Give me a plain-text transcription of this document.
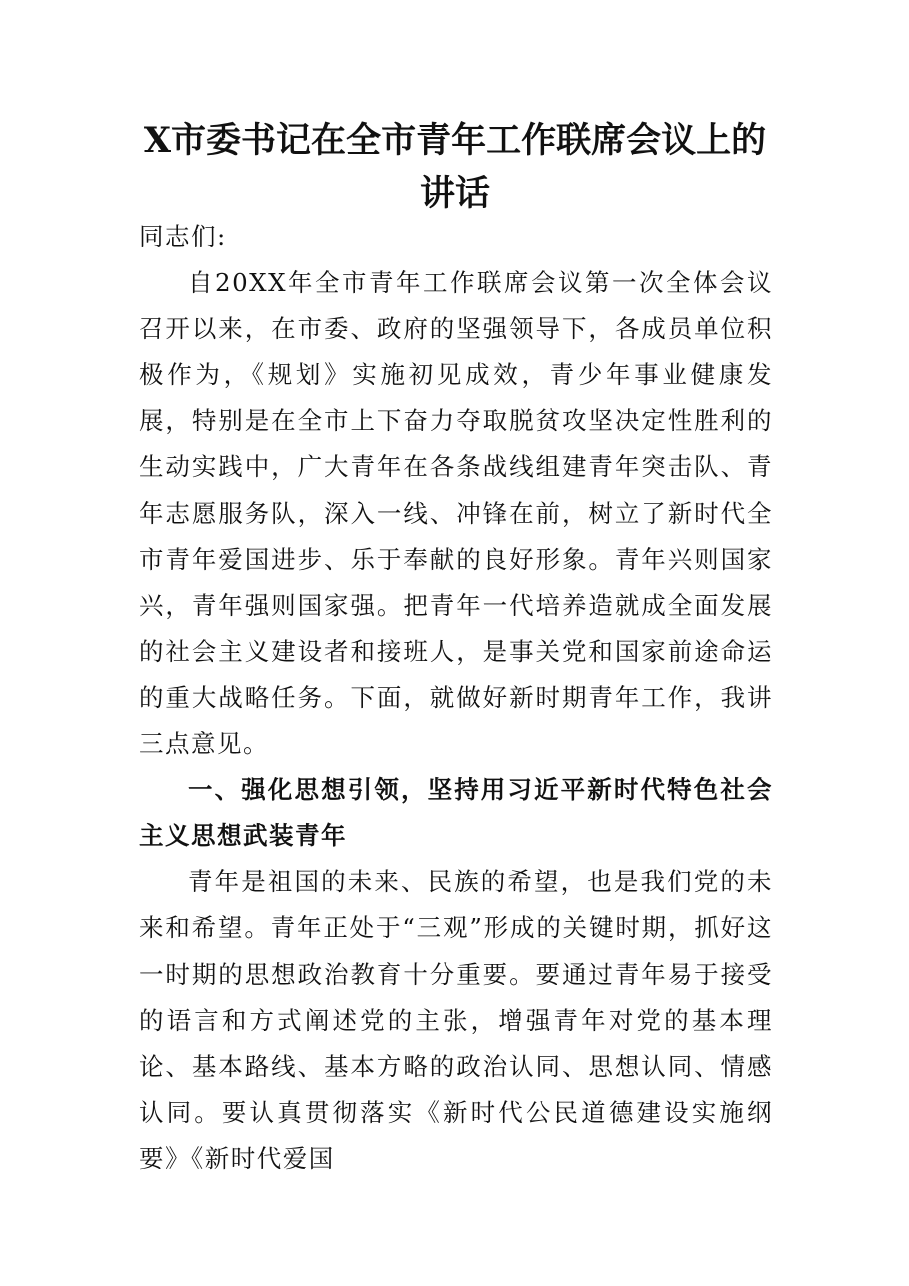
X市委书记在全市青年工作联席会议上的
讲话

同志们:

自20XX年全市青年工作联席会议第一次全体会议召开以来，在市委、政府的坚强领导下，各成员单位积极作为，《规划》实施初见成效，青少年事业健康发展，特别是在全市上下奋力夺取脱贫攻坚决定性胜利的生动实践中，广大青年在各条战线组建青年突击队、青年志愿服务队，深入一线、冲锋在前，树立了新时代全市青年爱国进步、乐于奉献的良好形象。青年兴则国家兴，青年强则国家强。把青年一代培养造就成全面发展的社会主义建设者和接班人，是事关党和国家前途命运的重大战略任务。下面，就做好新时期青年工作，我讲三点意见。

一、强化思想引领，坚持用习近平新时代特色社会主义思想武装青年

青年是祖国的未来、民族的希望，也是我们党的未来和希望。青年正处于“三观”形成的关键时期，抓好这一时期的思想政治教育十分重要。要通过青年易于接受的语言和方式阐述党的主张，增强青年对党的基本理论、基本路线、基本方略的政治认同、思想认同、情感认同。要认真贯彻落实《新时代公民道德建设实施纲要》《新时代爱国
